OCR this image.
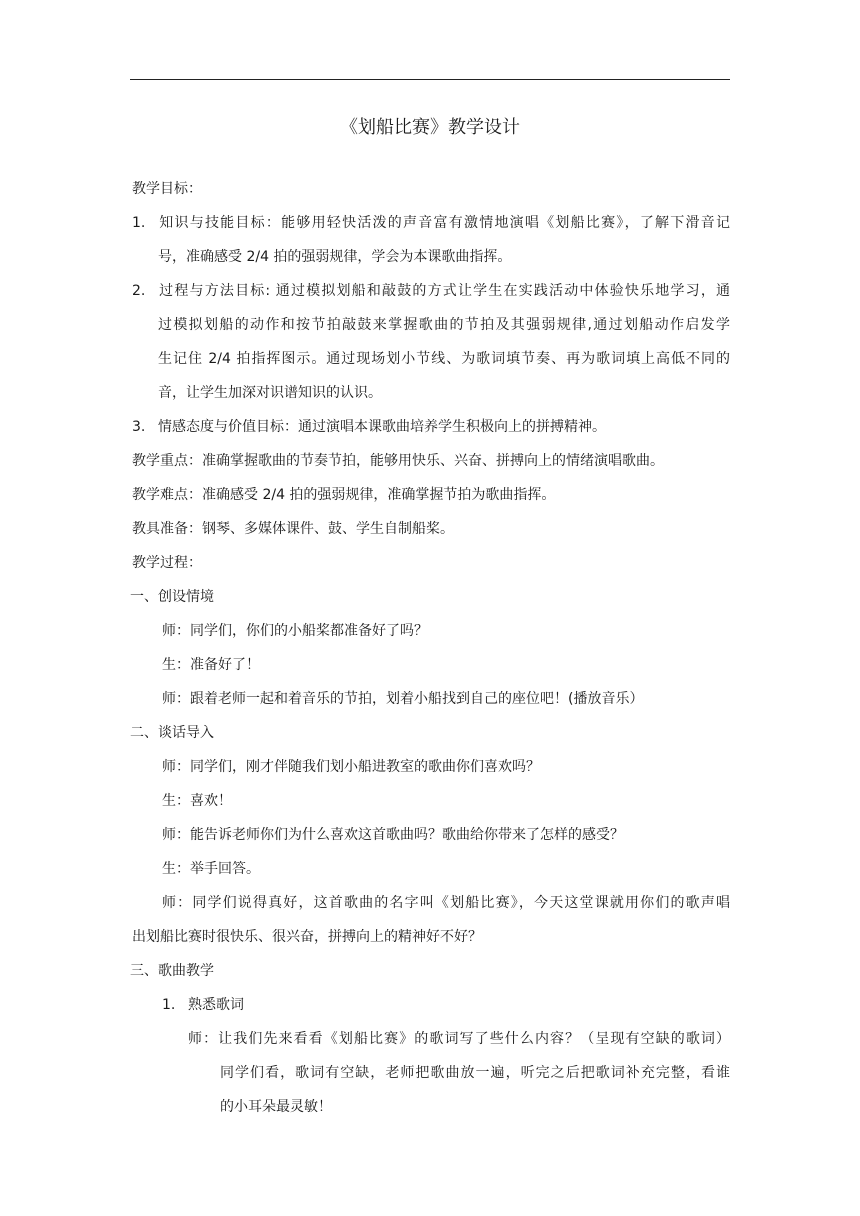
《划船比赛》教学设计
教学目标：
1. 知识与技能目标：能够用轻快活泼的声音富有激情地演唱《划船比赛》，了解下滑音记
号，准确感受 2/4 拍的强弱规律，学会为本课歌曲指挥。
2. 过程与方法目标: 通过模拟划船和敲鼓的方式让学生在实践活动中体验快乐地学习，通
过模拟划船的动作和按节拍敲鼓来掌握歌曲的节拍及其强弱规律,通过划船动作启发学
生记住 2/4 拍指挥图示。通过现场划小节线、为歌词填节奏、再为歌词填上高低不同的
音，让学生加深对识谱知识的认识。
3. 情感态度与价值目标：通过演唱本课歌曲培养学生积极向上的拼搏精神。
教学重点：准确掌握歌曲的节奏节拍，能够用快乐、兴奋、拼搏向上的情绪演唱歌曲。
教学难点：准确感受 2/4 拍的强弱规律，准确掌握节拍为歌曲指挥。
教具准备：钢琴、多媒体课件、鼓、学生自制船桨。
教学过程：
一、创设情境
师：同学们，你们的小船桨都准备好了吗？
生：准备好了！
师：跟着老师一起和着音乐的节拍，划着小船找到自己的座位吧！(播放音乐）
二、谈话导入
师：同学们，刚才伴随我们划小船进教室的歌曲你们喜欢吗？
生：喜欢！
师：能告诉老师你们为什么喜欢这首歌曲吗？歌曲给你带来了怎样的感受？
生：举手回答。
师：同学们说得真好，这首歌曲的名字叫《划船比赛》，今天这堂课就用你们的歌声唱
出划船比赛时很快乐、很兴奋，拼搏向上的精神好不好？
三、歌曲教学
1. 熟悉歌词
师：让我们先来看看《划船比赛》的歌词写了些什么内容？（呈现有空缺的歌词）
同学们看，歌词有空缺，老师把歌曲放一遍，听完之后把歌词补充完整，看谁
的小耳朵最灵敏！
